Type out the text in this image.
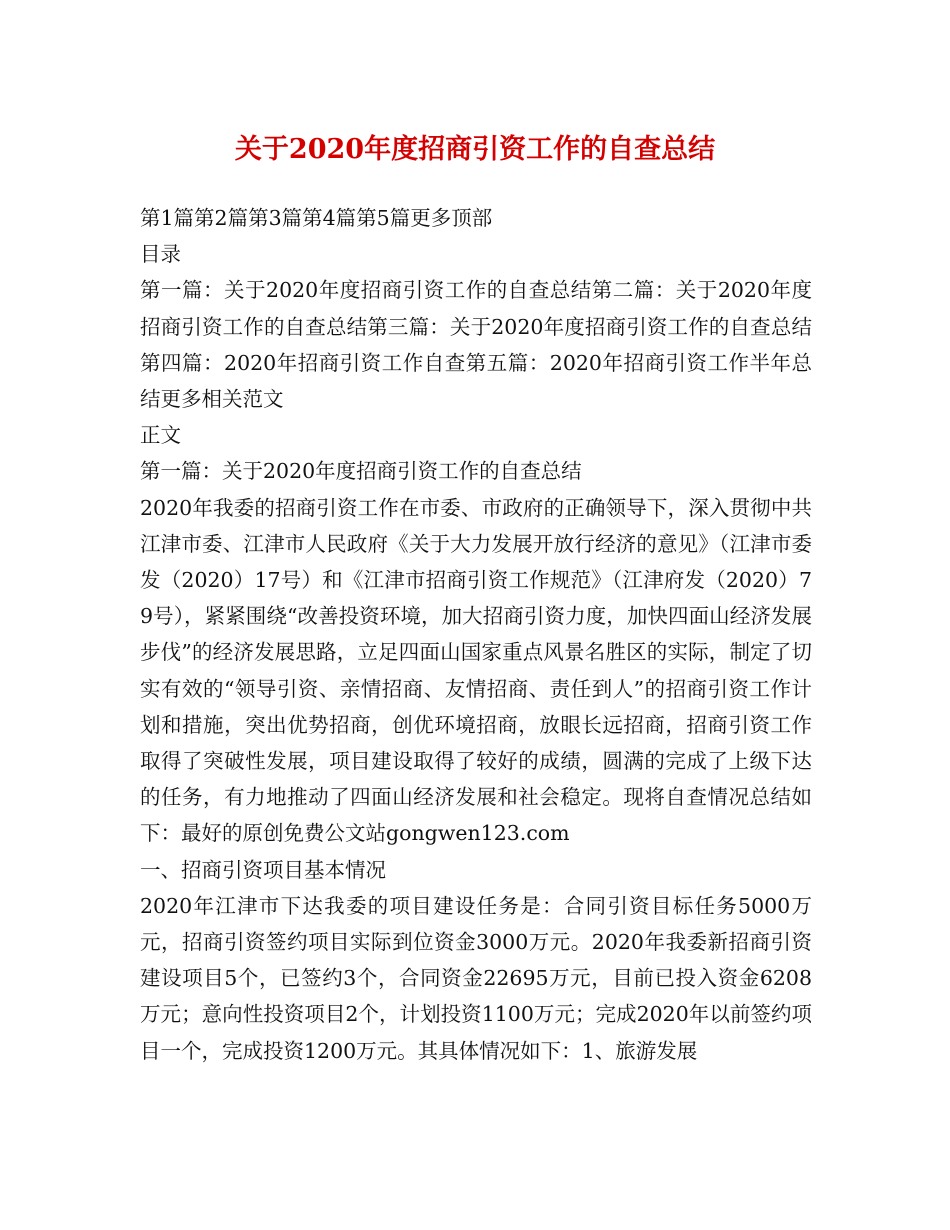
关于2020年度招商引资工作的自查总结

第1篇第2篇第3篇第4篇第5篇更多顶部

目录

第一篇：关于2020年度招商引资工作的自查总结第二篇：关于2020年度招商引资工作的自查总结第三篇：关于2020年度招商引资工作的自查总结第四篇：2020年招商引资工作自查第五篇：2020年招商引资工作半年总结更多相关范文

正文

第一篇：关于2020年度招商引资工作的自查总结

2020年我委的招商引资工作在市委、市政府的正确领导下，深入贯彻中共江津市委、江津市人民政府《关于大力发展开放行经济的意见》（江津市委发（2020）17号）和《江津市招商引资工作规范》（江津府发（2020）79号），紧紧围绕“改善投资环境，加大招商引资力度，加快四面山经济发展步伐”的经济发展思路，立足四面山国家重点风景名胜区的实际，制定了切实有效的“领导引资、亲情招商、友情招商、责任到人”的招商引资工作计划和措施，突出优势招商，创优环境招商，放眼长远招商，招商引资工作取得了突破性发展，项目建设取得了较好的成绩，圆满的完成了上级下达的任务，有力地推动了四面山经济发展和社会稳定。现将自查情况总结如下：最好的原创免费公文站gongwen123.com

一、招商引资项目基本情况

2020年江津市下达我委的项目建设任务是：合同引资目标任务5000万元，招商引资签约项目实际到位资金3000万元。2020年我委新招商引资建设项目5个，已签约3个，合同资金22695万元，目前已投入资金6208万元；意向性投资项目2个，计划投资1100万元；完成2020年以前签约项目一个，完成投资1200万元。其具体情况如下：1、旅游发展
